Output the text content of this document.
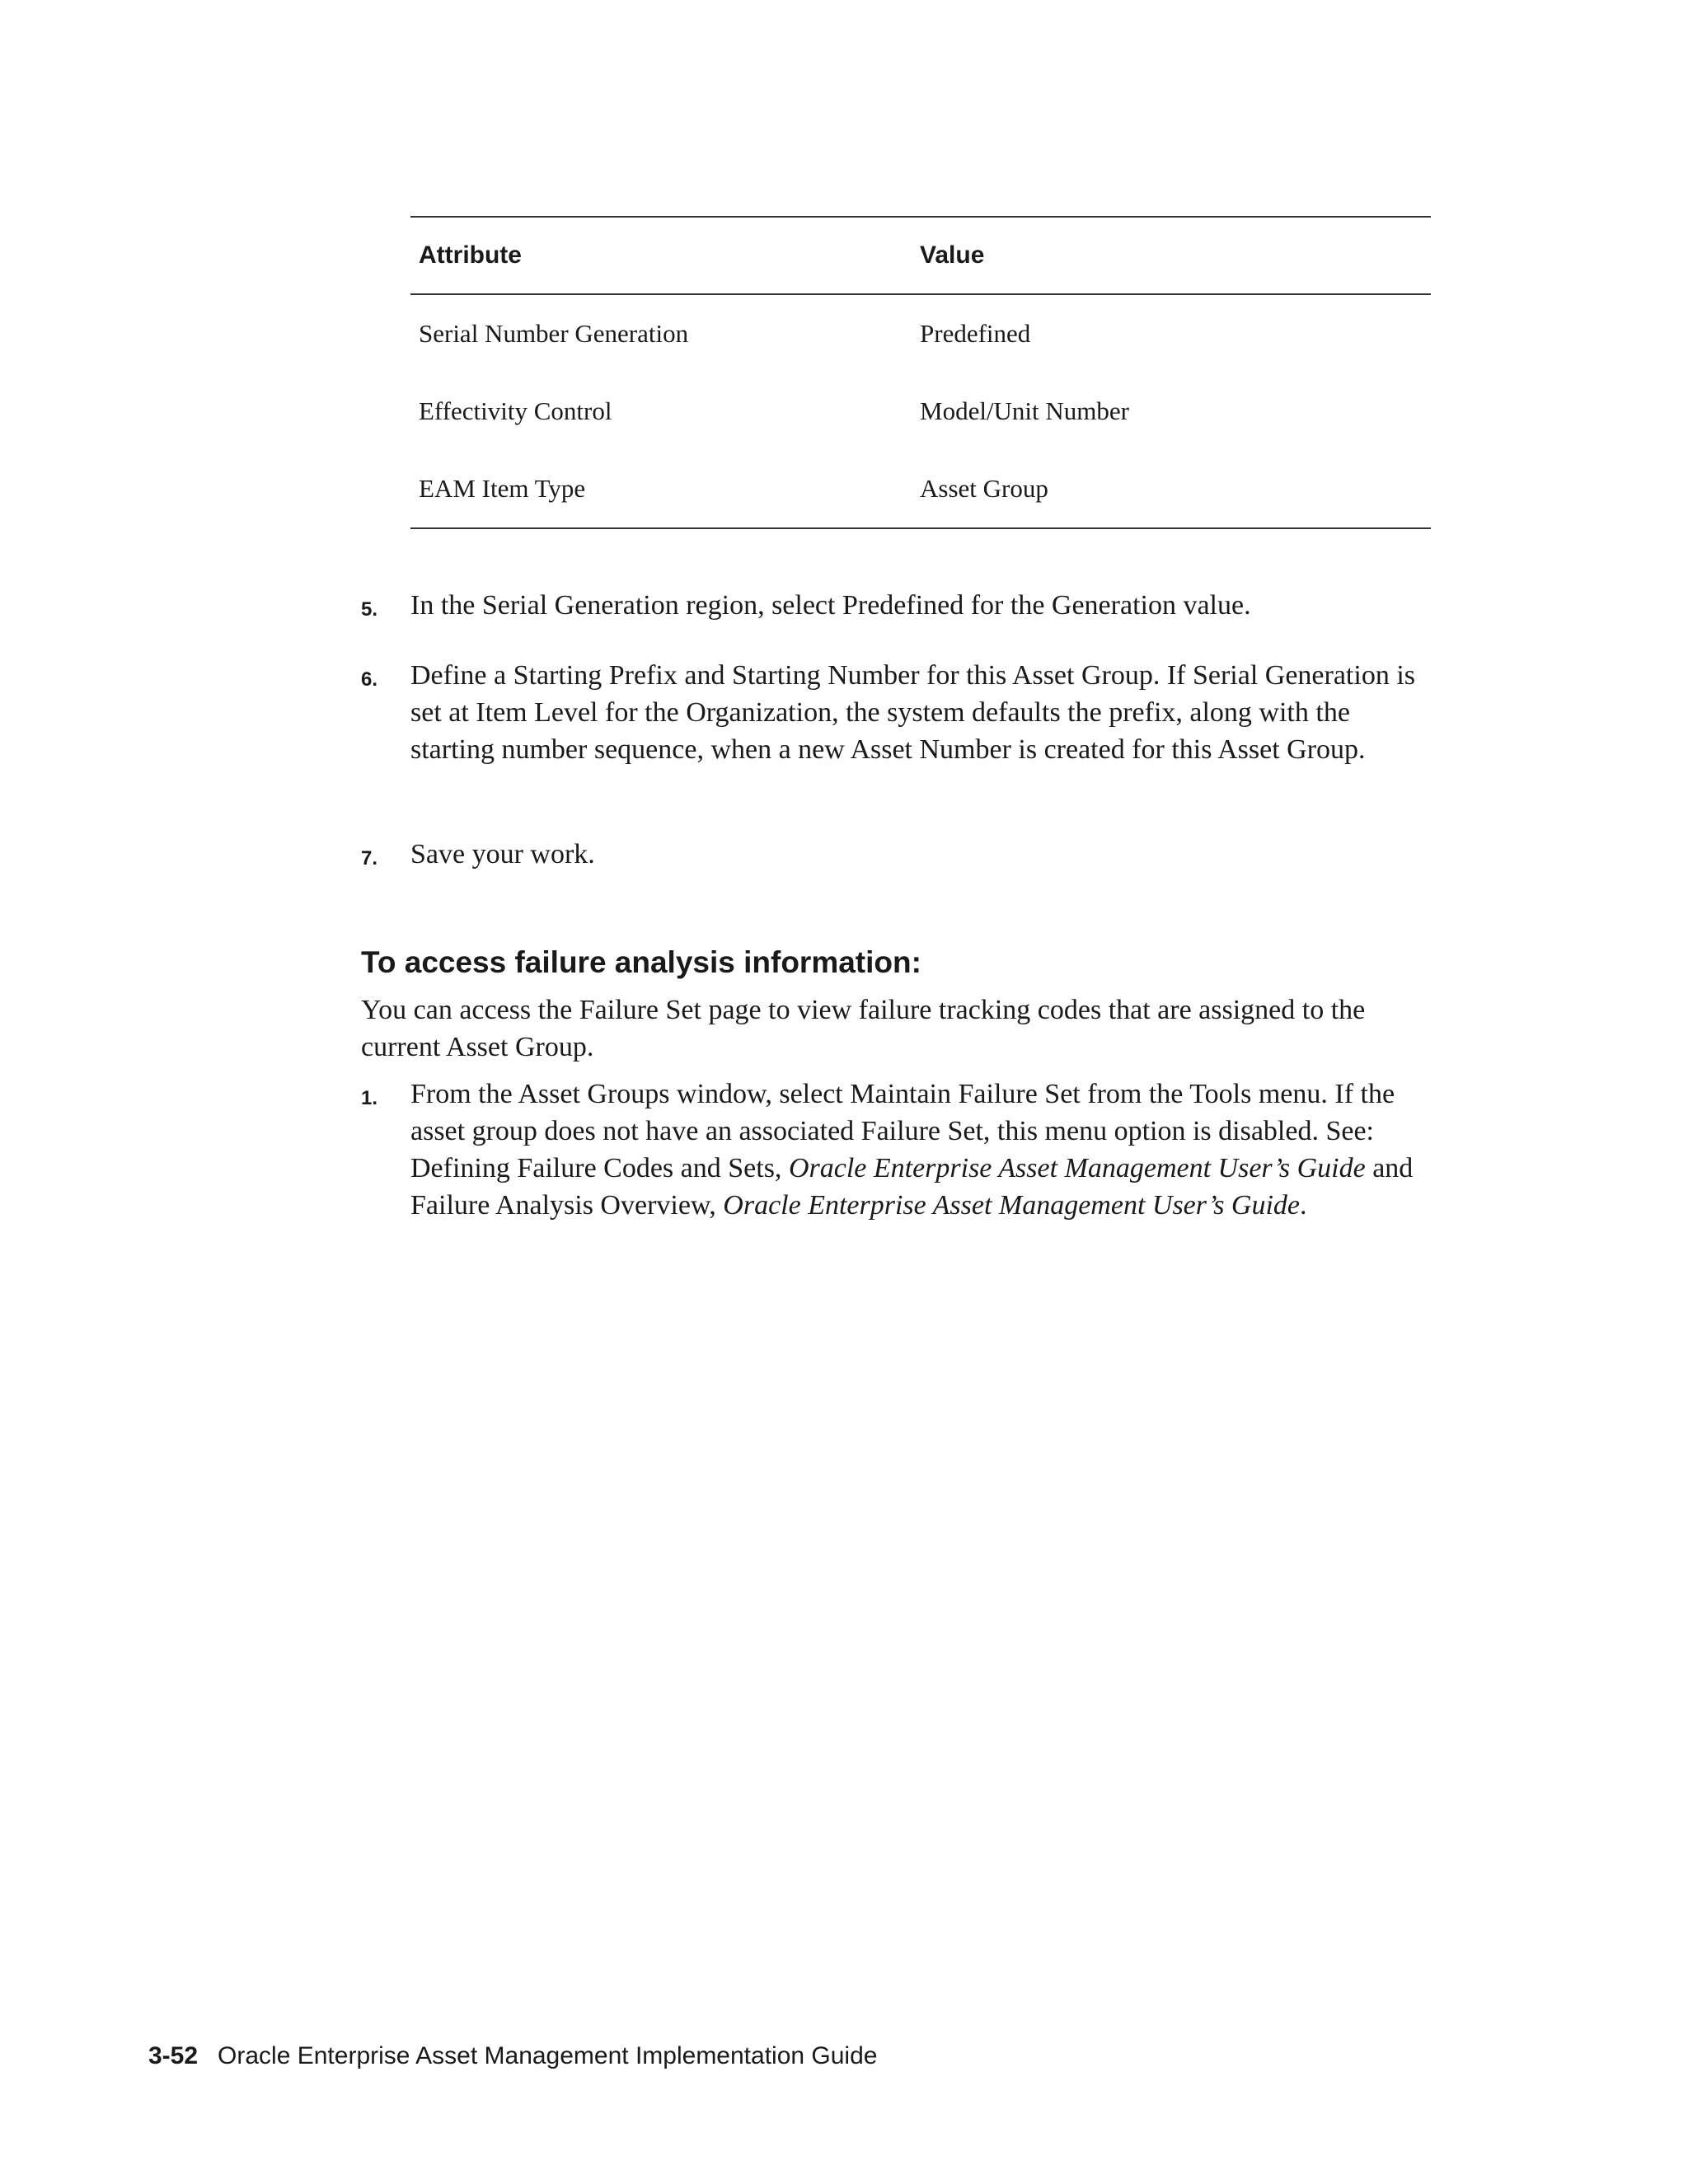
Attribute	Value
Serial Number Generation	Predefined
Effectivity Control	Model/Unit Number
EAM Item Type	Asset Group
5.	In the Serial Generation region, select Predefined for the Generation value.
6.	Define a Starting Prefix and Starting Number for this Asset Group. If Serial Generation is set at Item Level for the Organization, the system defaults the prefix, along with the starting number sequence, when a new Asset Number is created for this Asset Group.
7.	Save your work.
To access failure analysis information:
You can access the Failure Set page to view failure tracking codes that are assigned to the current Asset Group.
1.	From the Asset Groups window, select Maintain Failure Set from the Tools menu. If the asset group does not have an associated Failure Set, this menu option is disabled. See: Defining Failure Codes and Sets, Oracle Enterprise Asset Management User’s Guide and Failure Analysis Overview, Oracle Enterprise Asset Management User’s Guide.
3-52 Oracle Enterprise Asset Management Implementation Guide
